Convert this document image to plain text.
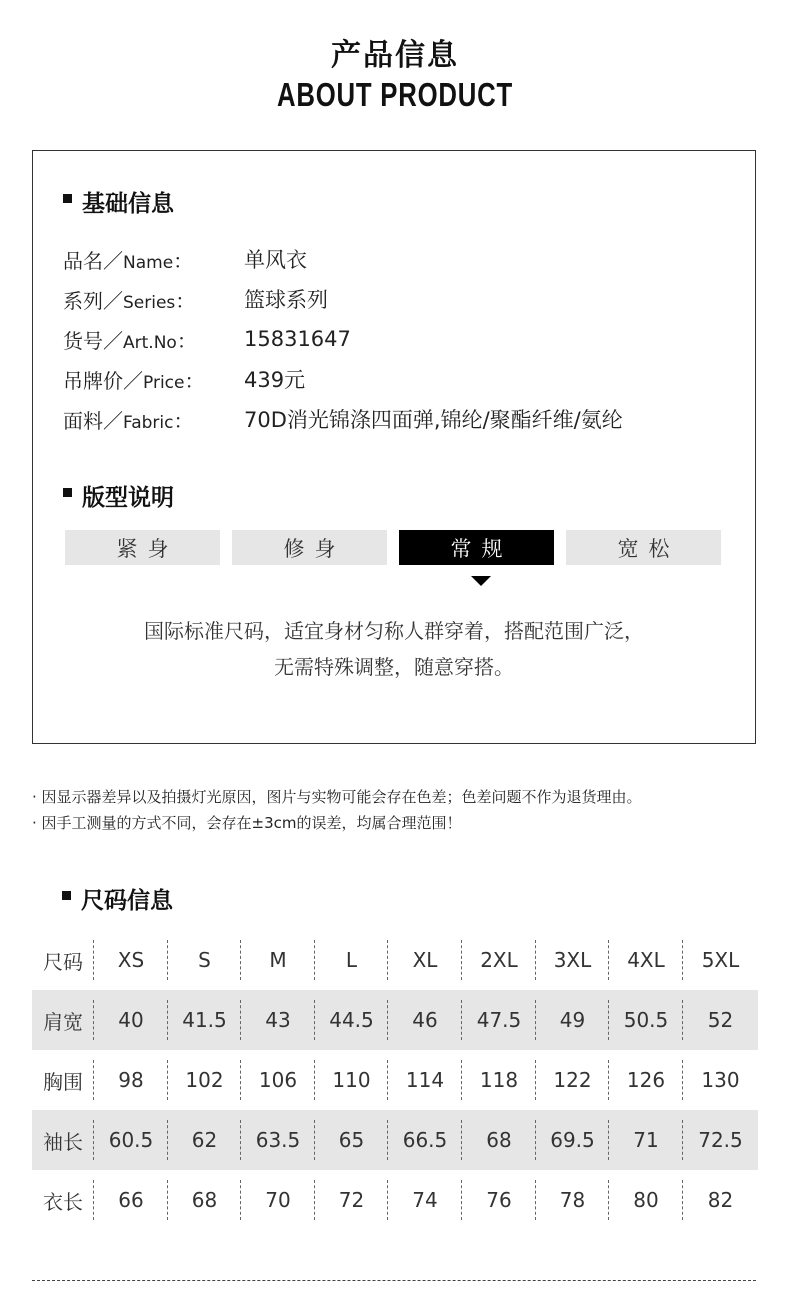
产品信息
ABOUT PRODUCT
基础信息
品名／Name：	单风衣
系列／Series：	篮球系列
货号／Art.No：	15831647
吊牌价／Price：	439元
面料／Fabric：	70D消光锦涤四面弹,锦纶/聚酯纤维/氨纶
版型说明
紧身	修身	常规	宽松
国际标准尺码，适宜身材匀称人群穿着，搭配范围广泛，
无需特殊调整，随意穿搭。
· 因显示器差异以及拍摄灯光原因，图片与实物可能会存在色差；色差问题不作为退货理由。
· 因手工测量的方式不同，会存在±3cm的误差，均属合理范围！
尺码信息
尺码	XS	S	M	L	XL	2XL	3XL	4XL	5XL

肩宽	40	41.5	43	44.5	46	47.5	49	50.5	52

胸围	98	102	106	110	114	118	122	126	130

袖长	60.5	62	63.5	65	66.5	68	69.5	71	72.5

衣长	66	68	70	72	74	76	78	80	82
